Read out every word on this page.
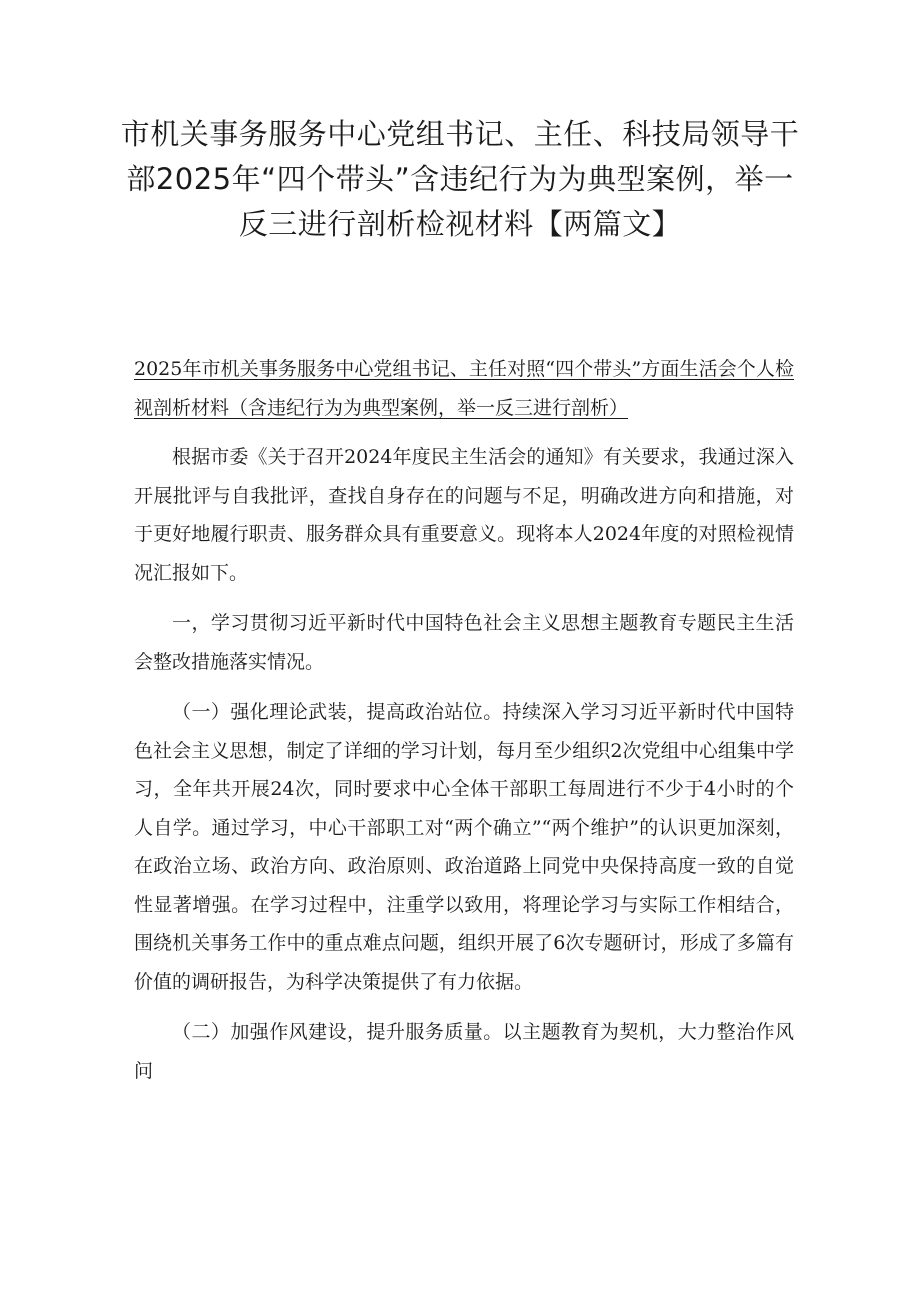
市机关事务服务中心党组书记、主任、科技局领导干部2025年“四个带头”含违纪行为为典型案例，举一反三进行剖析检视材料【两篇文】

2025年市机关事务服务中心党组书记、主任对照“四个带头”方面生活会个人检视剖析材料（含违纪行为为典型案例，举一反三进行剖析）

根据市委《关于召开2024年度民主生活会的通知》有关要求，我通过深入开展批评与自我批评，查找自身存在的问题与不足，明确改进方向和措施，对于更好地履行职责、服务群众具有重要意义。现将本人2024年度的对照检视情况汇报如下。

一，学习贯彻习近平新时代中国特色社会主义思想主题教育专题民主生活会整改措施落实情况。

（一）强化理论武装，提高政治站位。持续深入学习习近平新时代中国特色社会主义思想，制定了详细的学习计划，每月至少组织2次党组中心组集中学习，全年共开展24次，同时要求中心全体干部职工每周进行不少于4小时的个人自学。通过学习，中心干部职工对“两个确立”“两个维护”的认识更加深刻，在政治立场、政治方向、政治原则、政治道路上同党中央保持高度一致的自觉性显著增强。在学习过程中，注重学以致用，将理论学习与实际工作相结合，围绕机关事务工作中的重点难点问题，组织开展了6次专题研讨，形成了多篇有价值的调研报告，为科学决策提供了有力依据。

（二）加强作风建设，提升服务质量。以主题教育为契机，大力整治作风问
